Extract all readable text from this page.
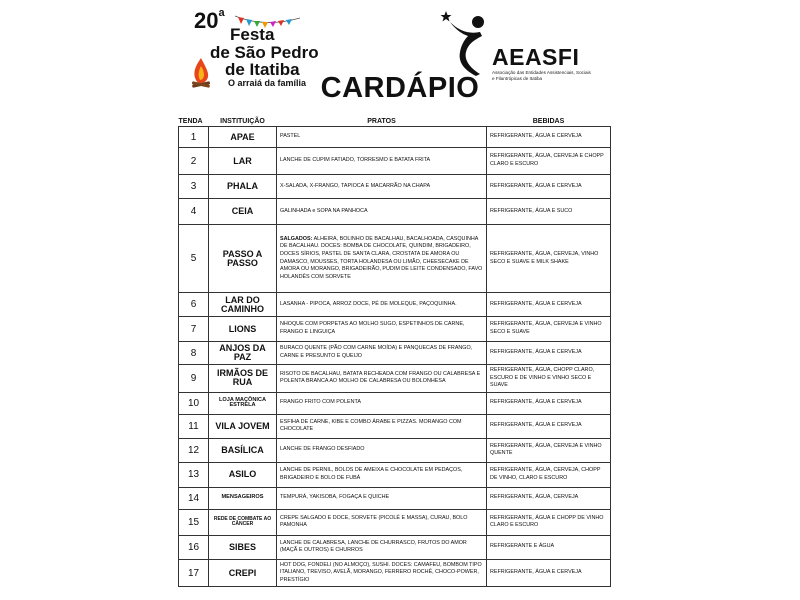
20$^a$
Festa
de São Pedro
de Itatiba
O arraiá da família
AEASFI
Associação das Entidades Assistenciais, Sociais e Filantrópicas de Itatiba
CARDÁPIO
TENDA	INSTITUIÇÃO	PRATOS	BEBIDAS
1	APAE	PASTEL	REFRIGERANTE, ÁGUA E CERVEJA
2	LAR	LANCHE DE CUPIM FATIADO, TORRESMO E BATATA FRITA	REFRIGERANTE, ÁGUA, CERVEJA E CHOPP CLARO E ESCURO
3	PHALA	X-SALADA, X-FRANGO, TAPIOCA E MACARRÃO NA CHAPA	REFRIGERANTE, ÁGUA E CERVEJA
4	CEIA	GALINHADA e SOPA NA PANHOCA	REFRIGERANTE, ÁGUA E SUCO
5	PASSO A PASSO	SALGADOS: ALHEIRA, BOLINHO DE BACALHAU, BACALHOADA, CASQUINHA DE BACALHAU. DOCES: BOMBA DE CHOCOLATE, QUINDIM, BRIGADEIRO, DOCES SÍRIOS, PASTEL DE SANTA CLARA, CROSTATA DE AMORA OU DAMASCO, MOUSSES, TORTA HOLANDESA OU LIMÃO, CHEESECAKE DE AMORA OU MORANGO, BRIGADEIRÃO, PUDIM DE LEITE CONDENSADO, FAVO HOLANDÊS COM SORVETE	REFRIGERANTE, ÁGUA, CERVEJA, VINHO SECO E SUAVE E MILK SHAKE
6	LAR DO CAMINHO	LASANHA - PIPOCA, ARROZ DOCE, PÉ DE MOLEQUE, PAÇOQUINHA.	REFRIGERANTE, ÁGUA E CERVEJA
7	LIONS	NHOQUE COM PORPETAS AO MOLHO SUGO, ESPETINHOS DE CARNE, FRANGO E LINGUIÇA	REFRIGERANTE, ÁGUA, CERVEJA E VINHO SECO E SUAVE
8	ANJOS DA PAZ	BURACO QUENTE (PÃO COM CARNE MOÍDA) E PANQUECAS DE FRANGO, CARNE E PRESUNTO E QUEIJO	REFRIGERANTE, ÁGUA E CERVEJA
9	IRMÃOS DE RUA	RISOTO DE BACALHAU, BATATA RECHEADA COM FRANGO OU CALABRESA E POLENTA BRANCA AO MOLHO DE CALABRESA OU BOLONHESA	REFRIGERANTE, ÁGUA, CHOPP CLARO, ESCURO E DE VINHO E VINHO SECO E SUAVE
10	LOJA MAÇÔNICA ESTRELA	FRANGO FRITO COM POLENTA	REFRIGERANTE, ÁGUA E CERVEJA
11	VILA JOVEM	ESFIHA DE CARNE, KIBE E COMBO ÁRABE E PIZZAS. MORANGO COM CHOCOLATE	REFRIGERANTE, ÁGUA E CERVEJA
12	BASÍLICA	LANCHE DE FRANGO DESFIADO	REFRIGERANTE, ÁGUA, CERVEJA E VINHO QUENTE
13	ASILO	LANCHE DE PERNIL, BOLOS DE AMEIXA E CHOCOLATE EM PEDAÇOS, BRIGADEIRO E BOLO DE FUBÁ	REFRIGERANTE, ÁGUA, CERVEJA, CHOPP DE VINHO, CLARO E ESCURO
14	MENSAGEIROS	TEMPURÁ, YAKISOBA, FOGAÇA E QUICHE	REFRIGERANTE, ÁGUA, CERVEJA
15	REDE DE COMBATE AO CÂNCER	CREPE SALGADO E DOCE, SORVETE (PICOLÉ E MASSA), CURAU, BOLO PAMONHA	REFRIGERANTE, ÁGUA E CHOPP DE VINHO CLARO E ESCURO
16	SIBES	LANCHE DE CALABRESA, LANCHE DE CHURRASCO, FRUTOS DO AMOR (MAÇÃ E OUTROS) E CHURROS	REFRIGERANTE E ÁGUA
17	CREPI	HOT DOG, FONDELI (NO ALMOÇO), SUSHI. DOCES: CAMAFEU, BOMBOM TIPO ITALIANO, TREVISO, AVELÃ, MORANGO, FERRERO ROCHÊ, CHOCO-POWER, PRESTÍGIO	REFRIGERANTE, ÁGUA E CERVEJA
